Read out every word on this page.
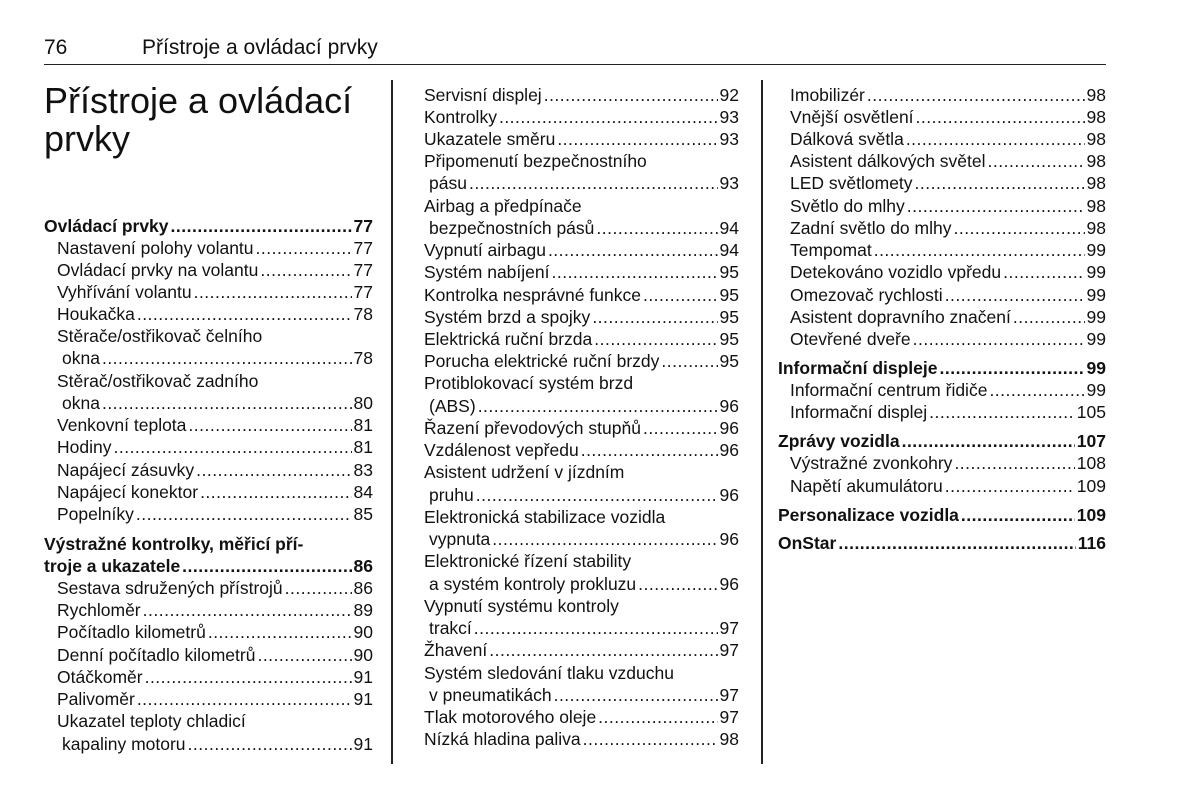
76	Přístroje a ovládací prvky
Přístroje a ovládací
prvky
Ovládací prvky .....	77
Nastavení polohy volantu .....	77
Ovládací prvky na volantu .....	77
Vyhřívání volantu .....	77
Houkačka .....	78
Stěrače/ostřikovač čelního
okna .....	78
Stěrač/ostřikovač zadního
okna .....	80
Venkovní teplota .....	81
Hodiny .....	81
Napájecí zásuvky .....	83
Napájecí konektor .....	84
Popelníky .....	85
Výstražné kontrolky, měřicí pří-
troje a ukazatele .....	86
Sestava sdružených přístrojů .....	86
Rychloměr .....	89
Počítadlo kilometrů .....	90
Denní počítadlo kilometrů .....	90
Otáčkoměr .....	91
Palivoměr .....	91
Ukazatel teploty chladicí
kapaliny motoru .....	91
Servisní displej .....	92
Kontrolky .....	93
Ukazatele směru .....	93
Připomenutí bezpečnostního
pásu .....	93
Airbag a předpínače
bezpečnostních pásů .....	94
Vypnutí airbagu .....	94
Systém nabíjení .....	95
Kontrolka nesprávné funkce .....	95
Systém brzd a spojky .....	95
Elektrická ruční brzda .....	95
Porucha elektrické ruční brzdy .....	95
Protiblokovací systém brzd
(ABS) .....	96
Řazení převodových stupňů .....	96
Vzdálenost vepředu .....	96
Asistent udržení v jízdním
pruhu .....	96
Elektronická stabilizace vozidla
vypnuta .....	96
Elektronické řízení stability
a systém kontroly prokluzu .....	96
Vypnutí systému kontroly
trakcí .....	97
Žhavení .....	97
Systém sledování tlaku vzduchu
v pneumatikách .....	97
Tlak motorového oleje .....	97
Nízká hladina paliva .....	98
Imobilizér .....	98
Vnější osvětlení .....	98
Dálková světla .....	98
Asistent dálkových světel .....	98
LED světlomety .....	98
Světlo do mlhy .....	98
Zadní světlo do mlhy .....	98
Tempomat .....	99
Detekováno vozidlo vpředu .....	99
Omezovač rychlosti .....	99
Asistent dopravního značení .....	99
Otevřené dveře .....	99
Informační displeje .....	99
Informační centrum řidiče .....	99
Informační displej .....	105
Zprávy vozidla .....	107
Výstražné zvonkohry .....	108
Napětí akumulátoru .....	109
Personalizace vozidla .....	109
OnStar .....	116
